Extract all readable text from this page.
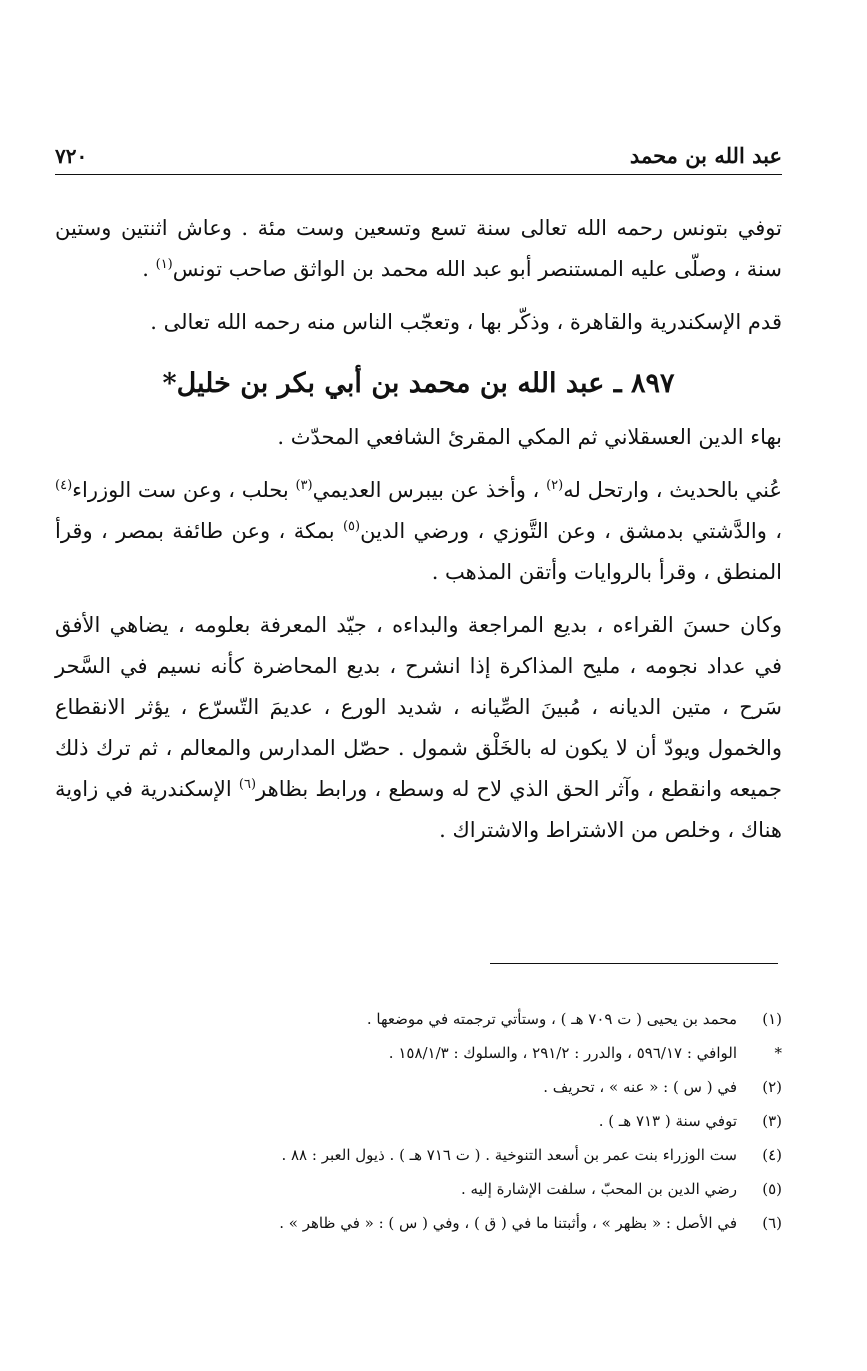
٧٢٠	عبد الله بن محمد

توفي بتونس رحمه الله تعالى سنة تسع وتسعين وست مئة . وعاش اثنتين وستين سنة ، وصلّى عليه المستنصر أبو عبد الله محمد بن الواثق صاحب تونس$^{(١)}$ .

قدم الإسكندرية والقاهرة ، وذكّر بها ، وتعجّب الناس منه رحمه الله تعالى .

٨٩٧ ـ عبد الله بن محمد بن أبي بكر بن خليل*

بهاء الدين العسقلاني ثم المكي المقرئ الشافعي المحدّث .

عُني بالحديث ، وارتحل له$^{(٢)}$ ، وأخذ عن بيبرس العديمي$^{(٣)}$ بحلب ، وعن ست الوزراء$^{(٤)}$ ، والدَّشتي بدمشق ، وعن التَّوزي ، ورضي الدين$^{(٥)}$ بمكة ، وعن طائفة بمصر ، وقرأ المنطق ، وقرأ بالروايات وأتقن المذهب .

وكان حسنَ القراءه ، بديع المراجعة والبداءه ، جيّد المعرفة بعلومه ، يضاهي الأفق في عداد نجومه ، مليح المذاكرة إذا انشرح ، بديع المحاضرة كأنه نسيم في السَّحر سَرح ، متين الديانه ، مُبينَ الصِّيانه ، شديد الورع ، عديمَ التّسرّع ، يؤثر الانقطاع والخمول ويودّ أن لا يكون له بالخَلْق شمول . حصّل المدارس والمعالم ، ثم ترك ذلك جميعه وانقطع ، وآثر الحق الذي لاح له وسطع ، ورابط بظاهر$^{(٦)}$ الإسكندرية في زاوية هناك ، وخلص من الاشتراط والاشتراك .

(١)
محمد بن يحيى ( ت ٧٠٩ هـ ) ، وستأتي ترجمته في موضعها .
*
الوافي : ٥٩٦/١٧ ، والدرر : ٢٩١/٢ ، والسلوك : ١٥٨/١/٣ .
(٢)
في ( س ) : « عنه » ، تحريف .
(٣)
توفي سنة ( ٧١٣ هـ ) .
(٤)
ست الوزراء بنت عمر بن أسعد التنوخية . ( ت ٧١٦ هـ ) . ذيول العبر : ٨٨ .
(٥)
رضي الدين بن المحبّ ، سلفت الإشارة إليه .
(٦)
في الأصل : « بظهر » ، وأثبتنا ما في ( ق ) ، وفي ( س ) : « في ظاهر » .
